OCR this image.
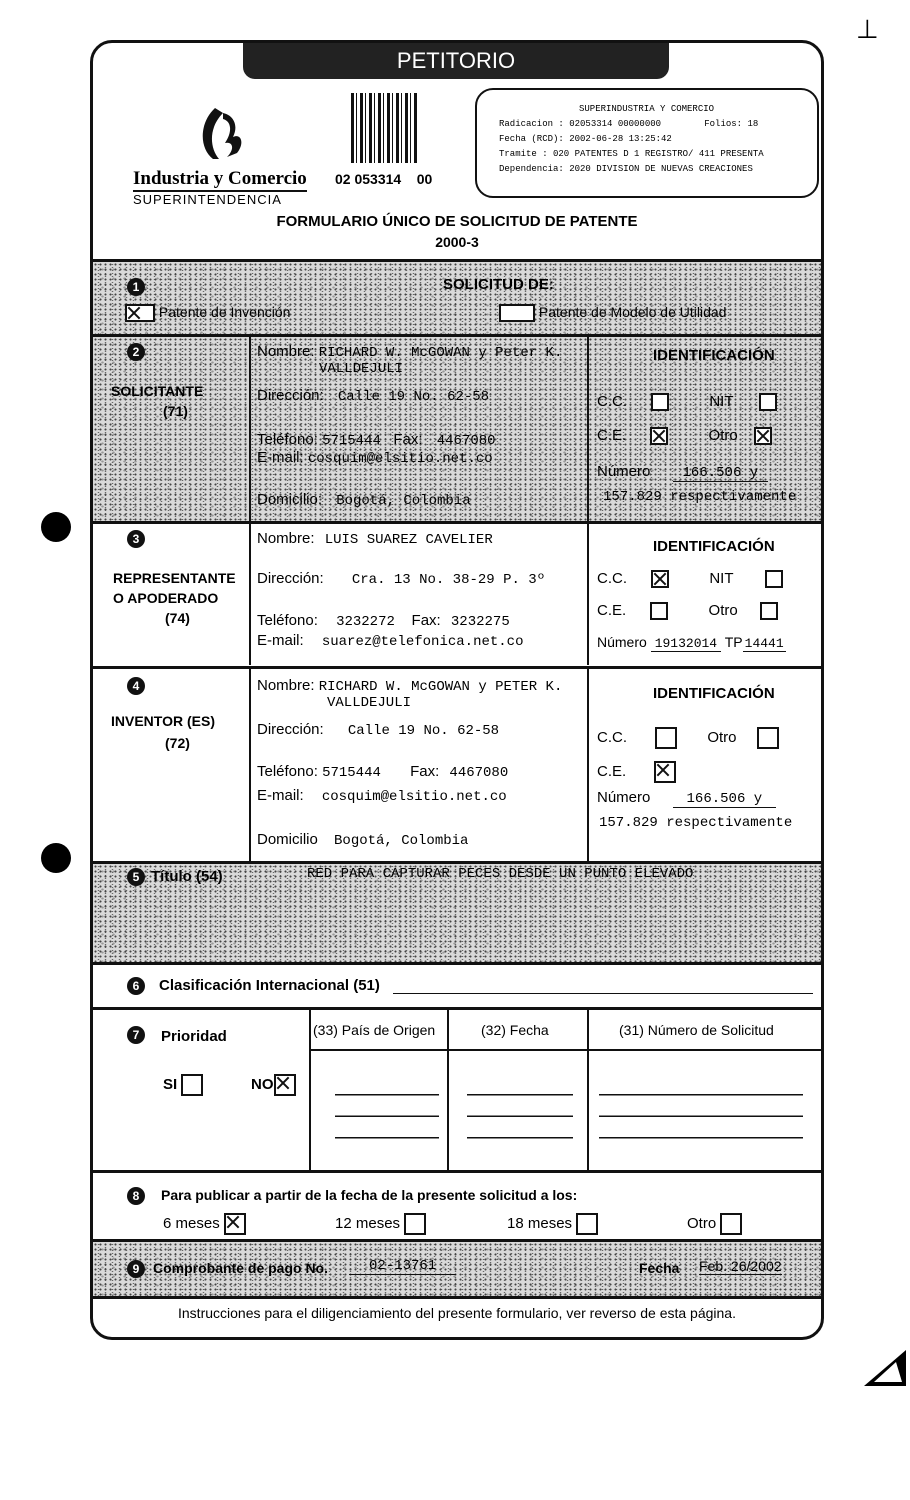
⊥
PETITORIO
Industria y Comercio
SUPERINTENDENCIA
02 053314 00
SUPERINDUSTRIA Y COMERCIO
Radicacion : 02053314 00000000	Folios: 18
Fecha (RCD): 2002-06-28 13:25:42
Tramite : 020 PATENTES D 1 REGISTRO/ 411 PRESENTA
Dependencia: 2020 DIVISION DE NUEVAS CREACIONES
FORMULARIO ÚNICO DE SOLICITUD DE PATENTE
2000-3
1	SOLICITUD DE:
Patente de Invención	Patente de Modelo de Utilidad
2
SOLICITANTE
(71)
Nombre: RICHARD W. McGOWAN y Peter K.
VALLDEJULI
Dirección: Calle 19 No. 62-58
Teléfono: 5715444 Fax: 4467080
E-mail: cosquim@elsitio.net.co
Domicilio: Bogotá, Colombia
IDENTIFICACIÓN
C.C.	NIT
C.E.	Otro
Número 166.506 y
157.829 respectivamente
3
REPRESENTANTE O APODERADO
(74)
Nombre: LUIS SUAREZ CAVELIER
Dirección: Cra. 13 No. 38-29 P. 3º
Teléfono: 3232272 Fax: 3232275
E-mail: suarez@telefonica.net.co
IDENTIFICACIÓN
C.C.	NIT
C.E.	Otro
Número 19132014 TP 14441
4
INVENTOR (ES)
(72)
Nombre: RICHARD W. McGOWAN y PETER K.
VALLDEJULI
Dirección: Calle 19 No. 62-58
Teléfono: 5715444 Fax: 4467080
E-mail: cosquim@elsitio.net.co
Domicilio Bogotá, Colombia
IDENTIFICACIÓN
C.C.	Otro
C.E.
Número	166.506 y
157.829 respectivamente
5 Título (54)	RED PARA CAPTURAR PECES DESDE UN PUNTO ELEVADO
6	Clasificación Internacional (51)
7	Prioridad
SI	NO
(33) País de Origen	(32) Fecha	(31) Número de Solicitud
8	Para publicar a partir de la fecha de la presente solicitud a los:
6 meses	12 meses	18 meses	Otro
9 Comprobante de pago No.	02-13761	Fecha Feb. 26/2002
Instrucciones para el diligenciamiento del presente formulario, ver reverso de esta página.
